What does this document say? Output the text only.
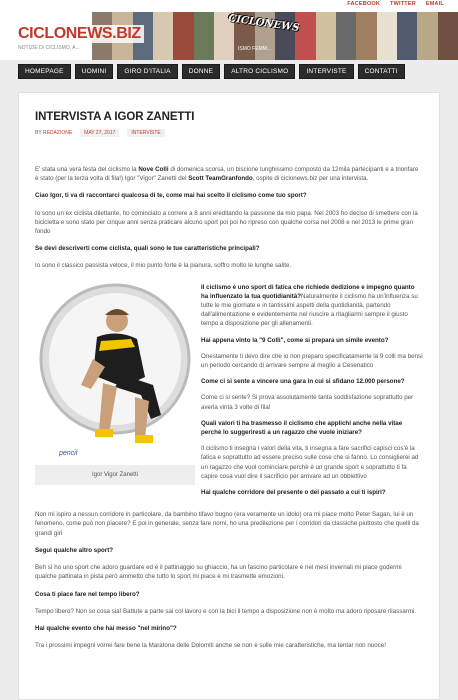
FACEBOOK TWITTER EMAIL
CICLONEWS
ISMO FEMM...
CICLONEWS.BIZ
NOTIZIE DI CICLISMO, A...
HOMEPAGE	UOMINI	GIRO D'ITALIA	DONNE	ALTRO CICLISMO	INTERVISTE	CONTATTI
INTERVISTA A IGOR ZANETTI
BY REDAZIONE	MAY 27, 2017	INTERVISTE

E' stata una vera festa del ciclismo la Nove Colli di domenica scorsa, un biscione lunghissimo composto da 12mila partecipanti e a trionfare è stato (per la terza volta di fila!) Igor "Vigor" Zanetti del Scott TeamGranfondo, ospite di ciclonews.biz per una intervista.

Ciao Igor, ti va di raccontarci qualcosa di te, come mai hai scelto il ciclismo come tuo sport?

Io sono un ex ciclista dilettante, ho cominciato a correre a 8 anni ereditando la passione da mio papa. Nel 2003 ho deciso di smettere con la bicicletta e sono stato per cinque anni senza praticare alcuno sport poi poi ho ripreso con qualche corsa nel 2008 e nel 2013 le prime gran fondo

Se devi descriverti come ciclista, quali sono le tue caratteristiche principali?

Io sono il classico passista veloce, il mio punto forte è la pianura, soffro molto le lunghe salite.

pencil
Igor Vigor Zanetti

Il ciclismo è uno sport di fatica che richiede dedizione e impegno quanto ha influenzato la tua quotidianità?Naturalmente il ciclismo ha un'influenza su tutte le mie giornate e in tantissimi aspetti della quotidianità, partendo dall'alimentazione e evidentemente nel riuscire a ritagliarmi sempre il giusto tempo a disposizione per gli allenamenti.

Hai appena vinto la "9 Colli", come si prepara un simile evento?

Onestamente ti devo dire che io non preparo specificatamente la 9 colli ma bensì un periodo cercando di arrivare sempre al meglio a Cesenatico

Come ci si sente a vincere una gara in cui si sfidano 12.000 persone?

Come ci si sente? Si prova assolutamente tanta soddisfazione soprattutto per averla vinta 3 volte di fila!

Quali valori ti ha trasmesso il ciclismo che applichi anche nella vitae perchè lo suggeriresti a un ragazzo che vuole iniziare?

Il ciclismo ti insegna i valori della vita, ti insegna a fare sacrifici capisci cos'è la fatica e soprattutto ad essere preciso sulle cose che si fanno. Lo consiglierei ad un ragazzo che vuol cominciare perchè è un grande sport e soprattutto ti fa capire cosa vuol dire il sacrificio per arrivare ad un obbiettivo

Hai qualche corridore del presente o del passato a cui ti ispiri?

Non mi ispiro a nessun corridore in particolare, da bambino tifavo bugno (era veramente un idolo) ora mi piace molto Peter Sagan, lui è un fenomeno, come può non piacere? E poi in generale, senza fare nomi, ho una predilezione per i corridori da classiche piuttosto che quelli da grandi giri

Segui qualche altro sport?

Beh sì ho uno sport che adoro guardare ed è il pattinaggio su ghiaccio, ha un fascino particolare e nel mesi invernali mi piace godermi qualche pattinata in pista però ammetto che tutto lo sport mi piace e mi trasmette emozioni.

Cosa ti piace fare nel tempo libero?

Tempo libero? Non so cosa sia! Battute a parte sai col lavoro e con la bici il tempo a disposizione non è molto ma adoro riposare rilassarmi.

Hai qualche evento che hai messo "nel mirino"?

Tra i prossimi impegni vorrei fare bene la Maratona delle Dolomiti anche se non è sulle mie caratteristiche, ma tentar non nuoce!
